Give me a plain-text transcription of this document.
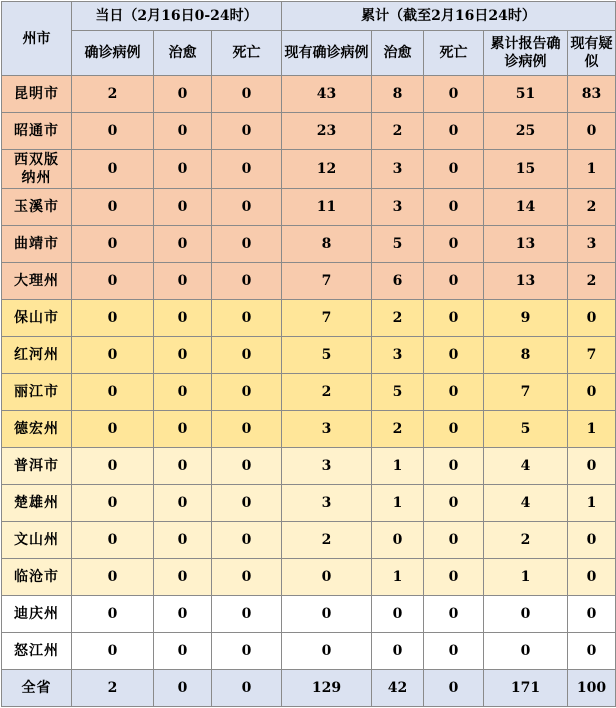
州市	当日（2月16日0-24时）			累计（截至2月16日24时）				
	确诊病例	治愈	死亡	现有确诊病例	治愈	死亡	累计报告确诊病例	现有疑似
昆明市	2	0	0	43	8	0	51	83
昭通市	0	0	0	23	2	0	25	0
西双版纳州	0	0	0	12	3	0	15	1
玉溪市	0	0	0	11	3	0	14	2
曲靖市	0	0	0	8	5	0	13	3
大理州	0	0	0	7	6	0	13	2
保山市	0	0	0	7	2	0	9	0
红河州	0	0	0	5	3	0	8	7
丽江市	0	0	0	2	5	0	7	0
德宏州	0	0	0	3	2	0	5	1
普洱市	0	0	0	3	1	0	4	0
楚雄州	0	0	0	3	1	0	4	1
文山州	0	0	0	2	0	0	2	0
临沧市	0	0	0	0	1	0	1	0
迪庆州	0	0	0	0	0	0	0	0
怒江州	0	0	0	0	0	0	0	0
全省	2	0	0	129	42	0	171	100
